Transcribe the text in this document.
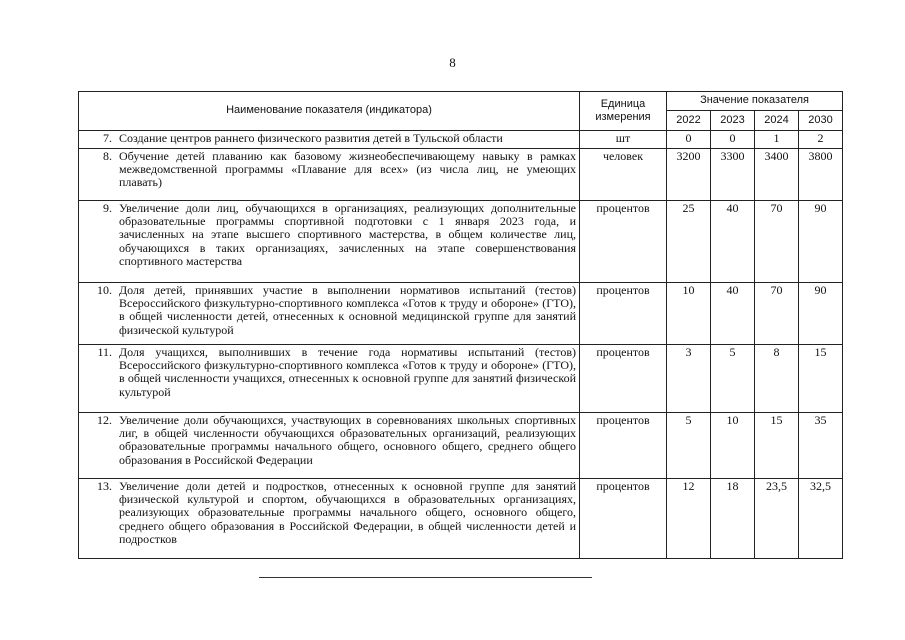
8
Наименование показателя (индикатора)	Единица измерения	Значение показателя			
		2022	2023	2024	2030

7. Создание центров раннего физического развития детей в Тульской области	шт	0	0	1	2

8. Обучение детей плаванию как базовому жизнеобеспечивающему навыку в рамках межведомственной программы «Плавание для всех» (из числа лиц, не умеющих плавать)	человек	3200	3300	3400	3800

9. Увеличение доли лиц, обучающихся в организациях, реализующих дополнительные образовательные программы спортивной подготовки с 1 января 2023 года, и зачисленных на этапе высшего спортивного мастерства, в общем количестве лиц, обучающихся в таких организациях, зачисленных на этапе совершенствования спортивного мастерства	процентов	25	40	70	90

10. Доля детей, принявших участие в выполнении нормативов испытаний (тестов) Всероссийского физкультурно-спортивного комплекса «Готов к труду и обороне» (ГТО), в общей численности детей, отнесенных к основной медицинской группе для занятий физической культурой	процентов	10	40	70	90

11. Доля учащихся, выполнивших в течение года нормативы испытаний (тестов) Всероссийского физкультурно-спортивного комплекса «Готов к труду и обороне» (ГТО), в общей численности учащихся, отнесенных к основной группе для занятий физической культурой	процентов	3	5	8	15

12. Увеличение доли обучающихся, участвующих в соревнованиях школьных спортивных лиг, в общей численности обучающихся образовательных организаций, реализующих образовательные программы начального общего, основного общего, среднего общего образования в Российской Федерации	процентов	5	10	15	35

13. Увеличение доли детей и подростков, отнесенных к основной группе для занятий физической культурой и спортом, обучающихся в образовательных организациях, реализующих образовательные программы начального общего, основного общего, среднего общего образования в Российской Федерации, в общей численности детей и подростков	процентов	12	18	23,5	32,5
